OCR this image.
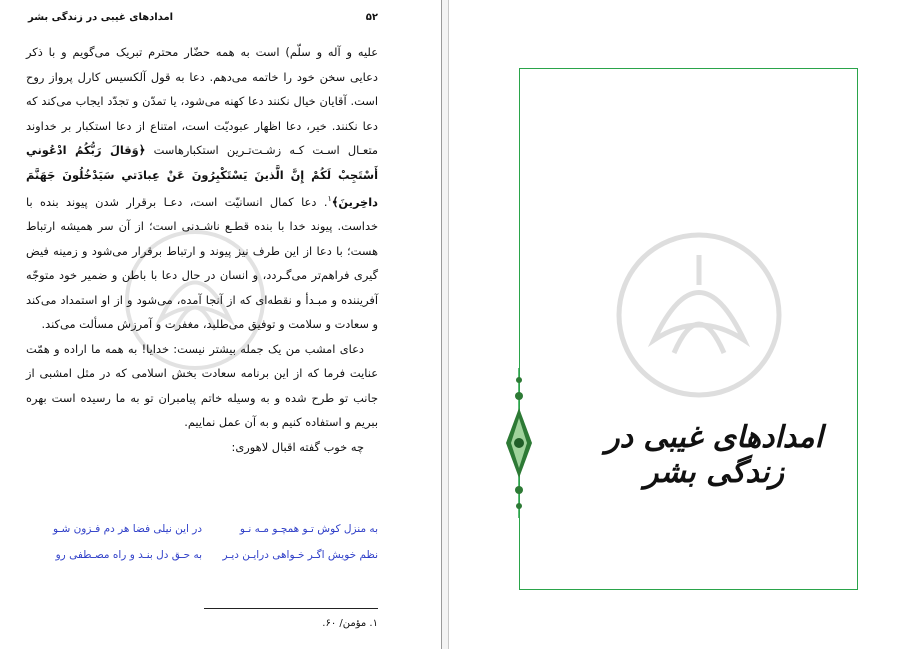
۵۲
امدادهای غیبی در زندگی بشر

علیه و آله و سلّم) است به همه حضّار محترم تبریک می‌گویم و با ذکر دعایی سخن خود را خاتمه می‌دهم. دعا به قول آلکسیس کارل پرواز روح است. آقایان خیال نکنند دعا کهنه می‌شود، یا تمدّن و تجدّد ایجاب می‌کند که دعا نکنند. خیر، دعا اظهار عبودیّت است، امتناع از دعا استکبار بر خداوند متعـال اسـت کـه زشـت‌تـرین استکبارهاست ﴿وَقالَ رَبُّكُمُ ادْعُوني أَسْتَجِبْ لَكُمْ إِنَّ الَّذينَ يَسْتَكْبِرُونَ عَنْ عِبادَتي سَيَدْخُلُونَ جَهَنَّمَ داخِرينَ﴾$^۱$. دعا کمال انسانیّت است، دعـا برقرار شدن پیوند بنده با خداست. پیوند خدا با بنده قطـع ناشـدنی است؛ از آن سر همیشه ارتباط هست؛ با دعا از این طرف نیز پیوند و ارتباط برقرار می‌شود و زمینه فیض گیری فراهم‌تر می‌گـردد، و انسان در حال دعا با باطن و ضمیر خود متوجّه آفریننده و مبـدأ و نقطه‌ای که از آنجا آمده، می‌شود و از او استمداد می‌کند و سعادت و سلامت و توفیق می‌طلبد، مغفرت و آمرزش مسألت می‌کند.

دعای امشب من یک جمله بیشتر نیست: خدایا! به همه ما اراده و همّت عنایت فرما که از این برنامه سعادت بخش اسلامی که در مثل امشبی از جانب تو طرح شده و به وسیله خاتم پیامبران تو به ما رسیده است بهره ببریم و استفاده کنیم و به آن عمل نماییم.

چه خوب گفته اقبال لاهوری:

به منزل کوش تـو همچـو مـه نـو
در این نیلی فضا هر دم فـزون شـو
نظم خویش اگـر خـواهی درایـن دیـر
به حـق دل بنـد و راه مصـطفی رو
۱. مؤمن/ ۶۰.
امدادهای غیبی در زندگی بشر
